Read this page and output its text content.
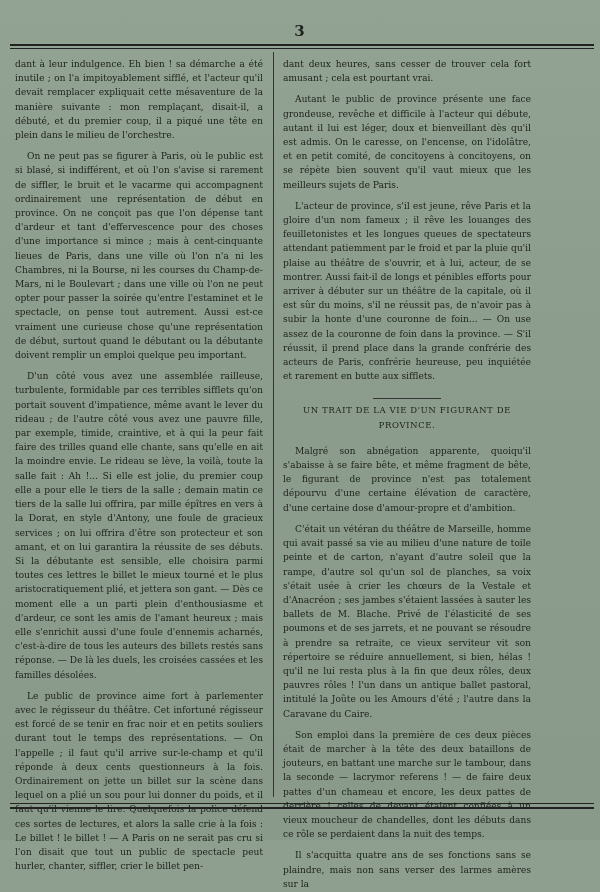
3

dant à leur indulgence. Eh bien ! sa démarche a été inutile ; on l'a impitoyablement sifflé, et l'acteur qu'il devait remplacer expliquait cette mésaventure de la manière suivante : mon remplaçant, disait-il, a débuté, et du premier coup, il a piqué une tête en plein dans le milieu de l'orchestre.

On ne peut pas se figurer à Paris, où le public est si blasé, si indifférent, et où l'on s'avise si rarement de siffler, le bruit et le vacarme qui accompagnent ordinairement une représentation de début en province. On ne conçoit pas que l'on dépense tant d'ardeur et tant d'effervescence pour des choses d'une importance si mince ; mais à cent-cinquante lieues de Paris, dans une ville où l'on n'a ni les Chambres, ni la Bourse, ni les courses du Champ-de-Mars, ni le Boulevart ; dans une ville où l'on ne peut opter pour passer la soirée qu'entre l'estaminet et le spectacle, on pense tout autrement. Aussi est-ce vraiment une curieuse chose qu'une représentation de début, surtout quand le débutant ou la débutante doivent remplir un emploi quelque peu important.

D'un côté vous avez une assemblée railleuse, turbulente, formidable par ces terribles sifflets qu'on portait souvent d'impatience, même avant le lever du rideau ; de l'autre côté vous avez une pauvre fille, par exemple, timide, craintive, et à qui la peur fait faire des trilles quand elle chante, sans qu'elle en ait la moindre envie. Le rideau se lève, la voilà, toute la salle fait : Ah !... Si elle est jolie, du premier coup elle a pour elle le tiers de la salle ; demain matin ce tiers de la salle lui offrira, par mille épîtres en vers à la Dorat, en style d'Antony, une foule de gracieux services ; on lui offrira d'être son protecteur et son amant, et on lui garantira la réussite de ses débuts. Si la débutante est sensible, elle choisira parmi toutes ces lettres le billet le mieux tourné et le plus aristocratiquement plié, et jettera son gant. — Dès ce moment elle a un parti plein d'enthousiasme et d'ardeur, ce sont les amis de l'amant heureux ; mais elle s'enrichit aussi d'une foule d'ennemis acharnés, c'est-à-dire de tous les auteurs des billets restés sans réponse. — De là les duels, les croisées cassées et les familles désolées.

Le public de province aime fort à parlementer avec le régisseur du théâtre. Cet infortuné régisseur est forcé de se tenir en frac noir et en petits souliers durant tout le temps des représentations. — On l'appelle ; il faut qu'il arrive sur-le-champ et qu'il réponde à deux cents questionneurs à la fois. Ordinairement on jette un billet sur la scène dans lequel on a plié un sou pour lui donner du poids, et il faut qu'il vienne le lire. Quelquefois la police défend ces sortes de lectures, et alors la salle crie à la fois : Le billet ! le billet ! — A Paris on ne serait pas cru si l'on disait que tout un public de spectacle peut hurler, chanter, siffler, crier le billet pen-

dant deux heures, sans cesser de trouver cela fort amusant ; cela est pourtant vrai.

Autant le public de province présente une face grondeuse, revêche et difficile à l'acteur qui débute, autant il lui est léger, doux et bienveillant dès qu'il est admis. On le caresse, on l'encense, on l'idolâtre, et en petit comité, de concitoyens à concitoyens, on se répète bien souvent qu'il vaut mieux que les meilleurs sujets de Paris.

L'acteur de province, s'il est jeune, rêve Paris et la gloire d'un nom fameux ; il rêve les louanges des feuilletonistes et les longues queues de spectateurs attendant patiemment par le froid et par la pluie qu'il plaise au théâtre de s'ouvrir, et à lui, acteur, de se montrer. Aussi fait-il de longs et pénibles efforts pour arriver à débuter sur un théâtre de la capitale, où il est sûr du moins, s'il ne réussit pas, de n'avoir pas à subir la honte d'une couronne de foin... — On use assez de la couronne de foin dans la province. — S'il réussit, il prend place dans la grande confrérie des acteurs de Paris, confrérie heureuse, peu inquiétée et rarement en butte aux sifflets.

UN TRAIT DE LA VIE D'UN FIGURANT DE PROVINCE.

Malgré son abnégation apparente, quoiqu'il s'abaisse à se faire bête, et même fragment de bête, le figurant de province n'est pas totalement dépourvu d'une certaine élévation de caractère, d'une certaine dose d'amour-propre et d'ambition.

C'était un vétéran du théâtre de Marseille, homme qui avait passé sa vie au milieu d'une nature de toile peinte et de carton, n'ayant d'autre soleil que la rampe, d'autre sol qu'un sol de planches, sa voix s'était usée à crier les chœurs de la Vestale et d'Anacréon ; ses jambes s'étaient lassées à sauter les ballets de M. Blache. Privé de l'élasticité de ses poumons et de ses jarrets, et ne pouvant se résoudre à prendre sa retraite, ce vieux serviteur vit son répertoire se réduire annuellement, si bien, hélas ! qu'il ne lui resta plus à la fin que deux rôles, deux pauvres rôles ! l'un dans un antique ballet pastoral, intitulé la Joûte ou les Amours d'été ; l'autre dans la Caravane du Caire.

Son emploi dans la première de ces deux pièces était de marcher à la tête des deux bataillons de jouteurs, en battant une marche sur le tambour, dans la seconde — lacrymor referens ! — de faire deux pattes d'un chameau et encore, les deux pattes de derrière ! celles de devant étaient confiées à un vieux moucheur de chandelles, dont les débuts dans ce rôle se perdaient dans la nuit des temps.

Il s'acquitta quatre ans de ses fonctions sans se plaindre, mais non sans verser des larmes amères sur la
